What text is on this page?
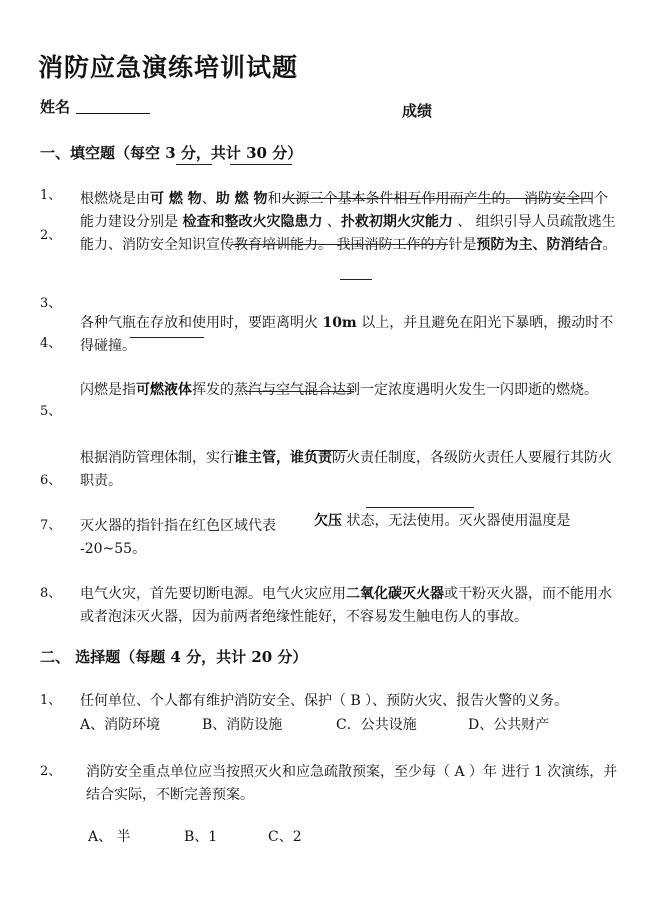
消防应急演练培训试题
姓名	成绩
一、填空题（每空 3 分，共计 30 分）
1、
2、
3、
4、
5、
6、
7、
8、
根燃烧是由可 燃 物、助 燃 物和火源三个基本条件相互作用而产生的。 消防安全四个能力建设分别是 检查和整改火灾隐患力 、扑救初期火灾能力 、 组织引导人员疏散逃生能力、消防安全知识宣传教育培训能力。 我国消防工作的方针是预防为主、防消结合。
各种气瓶在存放和使用时，要距离明火 10m 以上，并且避免在阳光下暴晒，搬动时不得碰撞。
闪燃是指可燃液体挥发的蒸汽与空气混合达到一定浓度遇明火发生一闪即逝的燃烧。
根据消防管理体制，实行谁主管，谁负责防火责任制度，各级防火责任人要履行其防火职责。
灭火器的指针指在红色区域代表	欠压 状态，无法使用。灭火器使用温度是
-20~55。
电气火灾，首先要切断电源。电气火灾应用二氧化碳灭火器或干粉灭火器，而不能用水或者泡沫灭火器，因为前两者绝缘性能好，不容易发生触电伤人的事故。
二、 选择题（每题 4 分，共计 20 分）
1、 任何单位、个人都有维护消防安全、保护（ B ）、预防火灾、报告火警的义务。
A、消防环境	B、消防设施	C．公共设施	D、公共财产
2、 消防安全重点单位应当按照灭火和应急疏散预案，至少每（ A ）年 进行 1 次演练，并结合实际，不断完善预案。
A、 半	B、1	C、2
